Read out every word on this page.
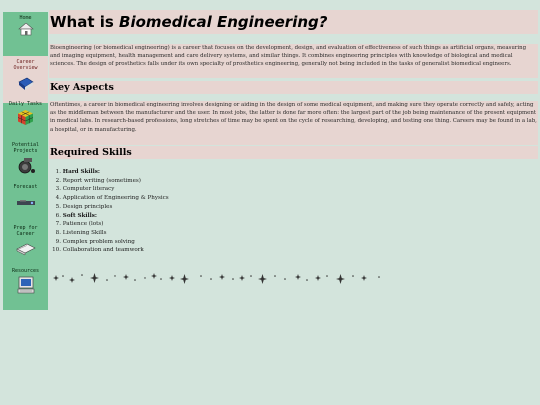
Home
Career Overview
Daily Tasks
Potential Projects
Forecast
Prep for Career
Resources
What is Biomedical Engineering?
Bioengineering (or biomedical engineering) is a career that focuses on the development, design, and evaluation of effectiveness of such things as artificial organs, measuring and imaging equipment, health management and care delivery systems, and similar things. It combines engineering principles with knowledge of biological and medical sciences. The design of prosthetics falls under its own specialty of prosthetics engineering, generally not being included in the tasks of generalist biomedical engineers.
Key Aspects
Oftentimes, a career in biomedical engineering involves designing or aiding in the design of some medical equipment, and making sure they operate correctly and safely, acting as the middleman between the manufacturer and the user. In most jobs, the latter is done far more often: the largest part of the job being maintenance of the present equipment in medical labs. In research-based professions, long stretches of time may be spent on the cycle of researching, developing, and testing one thing. Careers may be found in a lab, a hospital, or in manufacturing.
Required Skills
1. Hard Skills:
2. Report writing (sometimes)
3. Computer literacy
4. Application of Engineering & Physics
5. Design principles
6. Soft Skills:
7. Patience (lots)
8. Listening Skills
9. Complex problem solving
10. Collaboration and teamwork
